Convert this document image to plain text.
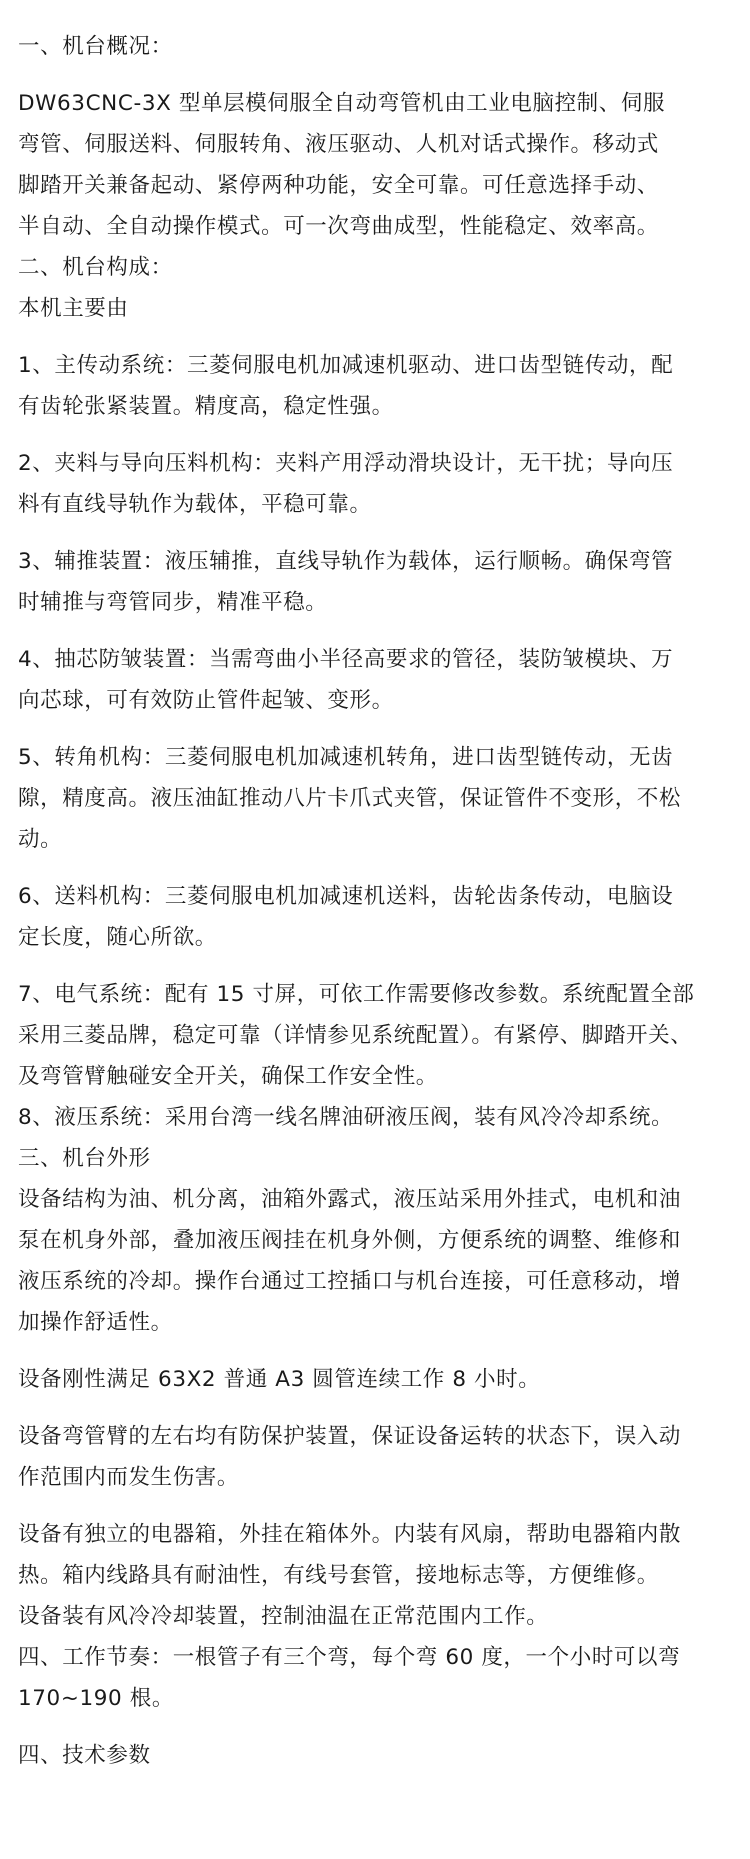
一、机台概况：

DW63CNC-3X 型单层模伺服全自动弯管机由工业电脑控制、伺服

弯管、伺服送料、伺服转角、液压驱动、人机对话式操作。移动式

脚踏开关兼备起动、紧停两种功能，安全可靠。可任意选择手动、

半自动、全自动操作模式。可一次弯曲成型，性能稳定、效率高。

二、机台构成：

本机主要由

1、主传动系统：三菱伺服电机加减速机驱动、进口齿型链传动，配

有齿轮张紧装置。精度高，稳定性强。

2、夹料与导向压料机构：夹料产用浮动滑块设计，无干扰；导向压

料有直线导轨作为载体，平稳可靠。

3、辅推装置：液压辅推，直线导轨作为载体，运行顺畅。确保弯管

时辅推与弯管同步，精准平稳。

4、抽芯防皱装置：当需弯曲小半径高要求的管径，装防皱模块、万

向芯球，可有效防止管件起皱、变形。

5、转角机构：三菱伺服电机加减速机转角，进口齿型链传动，无齿

隙，精度高。液压油缸推动八片卡爪式夹管，保证管件不变形，不松

动。

6、送料机构：三菱伺服电机加减速机送料，齿轮齿条传动，电脑设

定长度，随心所欲。

7、电气系统：配有 15 寸屏，可依工作需要修改参数。系统配置全部

采用三菱品牌，稳定可靠（详情参见系统配置）。有紧停、脚踏开关、

及弯管臂触碰安全开关，确保工作安全性。

8、液压系统：采用台湾一线名牌油研液压阀，装有风冷冷却系统。

三、机台外形

设备结构为油、机分离，油箱外露式，液压站采用外挂式，电机和油

泵在机身外部，叠加液压阀挂在机身外侧，方便系统的调整、维修和

液压系统的冷却。操作台通过工控插口与机台连接，可任意移动，增

加操作舒适性。

设备刚性满足 63X2 普通 A3 圆管连续工作 8 小时。

设备弯管臂的左右均有防保护装置，保证设备运转的状态下，误入动

作范围内而发生伤害。

设备有独立的电器箱，外挂在箱体外。内装有风扇，帮助电器箱内散

热。箱内线路具有耐油性，有线号套管，接地标志等，方便维修。

设备装有风冷冷却装置，控制油温在正常范围内工作。

四、工作节奏：一根管子有三个弯，每个弯 60 度，一个小时可以弯

170~190 根。

四、技术参数
